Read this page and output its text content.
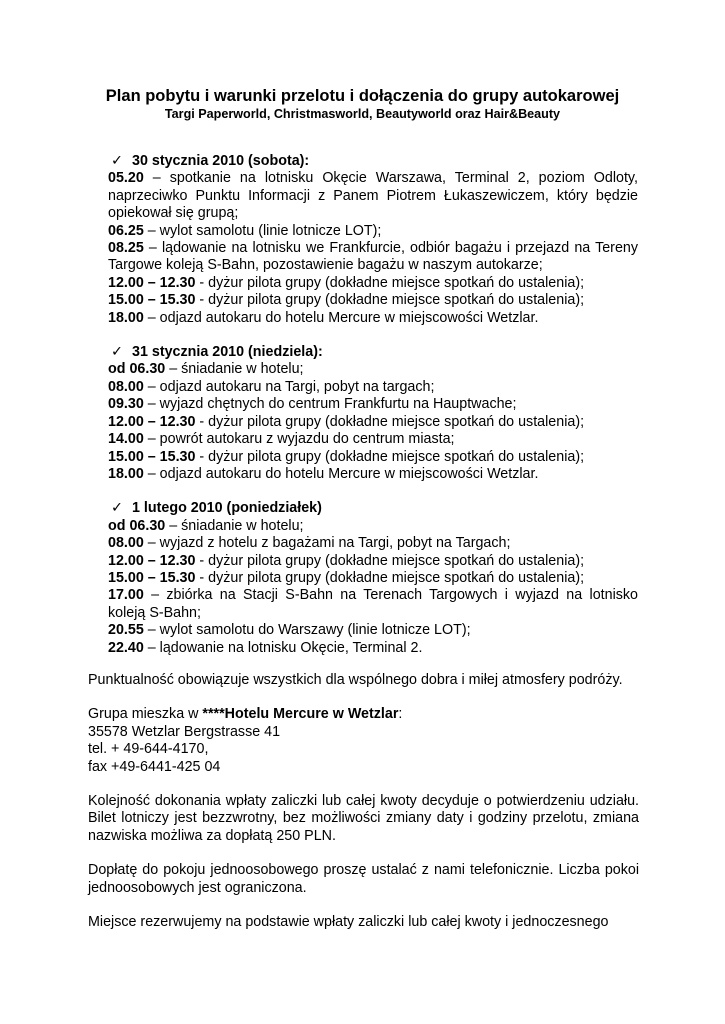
Plan pobytu i warunki przelotu i dołączenia do grupy autokarowej
Targi Paperworld, Christmasworld, Beautyworld oraz Hair&Beauty
✓ 30 stycznia 2010 (sobota):
05.20 – spotkanie na lotnisku Okęcie Warszawa, Terminal 2, poziom Odloty, naprzeciwko Punktu Informacji z Panem Piotrem Łukaszewiczem, który będzie opiekował się grupą;
06.25 – wylot samolotu (linie lotnicze LOT);
08.25 – lądowanie na lotnisku we Frankfurcie, odbiór bagażu i przejazd na Tereny Targowe koleją S-Bahn, pozostawienie bagażu w naszym autokarze;
12.00 – 12.30 - dyżur pilota grupy (dokładne miejsce spotkań do ustalenia);
15.00 – 15.30 - dyżur pilota grupy (dokładne miejsce spotkań do ustalenia);
18.00 – odjazd autokaru do hotelu Mercure w miejscowości Wetzlar.
✓ 31 stycznia 2010 (niedziela):
od 06.30 – śniadanie w hotelu;
08.00 – odjazd autokaru na Targi, pobyt na targach;
09.30 – wyjazd chętnych do centrum Frankfurtu na Hauptwache;
12.00 – 12.30 - dyżur pilota grupy (dokładne miejsce spotkań do ustalenia);
14.00 – powrót autokaru z wyjazdu do centrum miasta;
15.00 – 15.30 - dyżur pilota grupy (dokładne miejsce spotkań do ustalenia);
18.00 – odjazd autokaru do hotelu Mercure w miejscowości Wetzlar.
✓ 1 lutego 2010 (poniedziałek)
od 06.30 – śniadanie w hotelu;
08.00 – wyjazd z hotelu z bagażami na Targi, pobyt na Targach;
12.00 – 12.30 - dyżur pilota grupy (dokładne miejsce spotkań do ustalenia);
15.00 – 15.30 - dyżur pilota grupy (dokładne miejsce spotkań do ustalenia);
17.00 – zbiórka na Stacji S-Bahn na Terenach Targowych i wyjazd na lotnisko koleją S-Bahn;
20.55 – wylot samolotu do Warszawy (linie lotnicze LOT);
22.40 – lądowanie na lotnisku Okęcie, Terminal 2.

Punktualność obowiązuje wszystkich dla wspólnego dobra i miłej atmosfery podróży.

Grupa mieszka w ****Hotelu Mercure w Wetzlar:
35578 Wetzlar Bergstrasse 41
tel. + 49-644-4170,
fax +49-6441-425 04

Kolejność dokonania wpłaty zaliczki lub całej kwoty decyduje o potwierdzeniu udziału. Bilet lotniczy jest bezzwrotny, bez możliwości zmiany daty i godziny przelotu, zmiana nazwiska możliwa za dopłatą 250 PLN.

Dopłatę do pokoju jednoosobowego proszę ustalać z nami telefonicznie. Liczba pokoi jednoosobowych jest ograniczona.

Miejsce rezerwujemy na podstawie wpłaty zaliczki lub całej kwoty i jednoczesnego
